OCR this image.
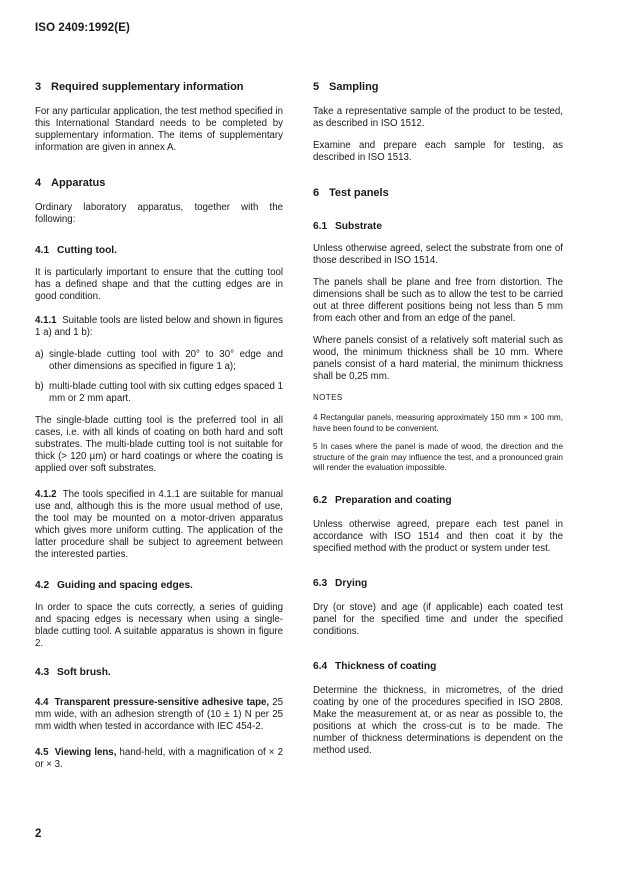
ISO 2409:1992(E)
3 Required supplementary information

For any particular application, the test method specified in this International Standard needs to be completed by supplementary information. The items of supplementary information are given in annex A.

4 Apparatus

Ordinary laboratory apparatus, together with the following:

4.1 Cutting tool.

It is particularly important to ensure that the cutting tool has a defined shape and that the cutting edges are in good condition.

4.1.1 Suitable tools are listed below and shown in figures 1 a) and 1 b):

a) single-blade cutting tool with 20° to 30° edge and other dimensions as specified in figure 1 a);
b) multi-blade cutting tool with six cutting edges spaced 1 mm or 2 mm apart.

The single-blade cutting tool is the preferred tool in all cases, i.e. with all kinds of coating on both hard and soft substrates. The multi-blade cutting tool is not suitable for thick (> 120 µm) or hard coatings or where the coating is applied over soft substrates.

4.1.2 The tools specified in 4.1.1 are suitable for manual use and, although this is the more usual method of use, the tool may be mounted on a motor-driven apparatus which gives more uniform cutting. The application of the latter procedure shall be subject to agreement between the interested parties.

4.2 Guiding and spacing edges.

In order to space the cuts correctly, a series of guiding and spacing edges is necessary when using a single-blade cutting tool. A suitable apparatus is shown in figure 2.

4.3 Soft brush.

4.4 Transparent pressure-sensitive adhesive tape, 25 mm wide, with an adhesion strength of (10 ± 1) N per 25 mm width when tested in accordance with IEC 454-2.

4.5 Viewing lens, hand-held, with a magnification of × 2 or × 3.

5 Sampling

Take a representative sample of the product to be tested, as described in ISO 1512.

Examine and prepare each sample for testing, as described in ISO 1513.

6 Test panels
6.1 Substrate

Unless otherwise agreed, select the substrate from one of those described in ISO 1514.

The panels shall be plane and free from distortion. The dimensions shall be such as to allow the test to be carried out at three different positions being not less than 5 mm from each other and from an edge of the panel.

Where panels consist of a relatively soft material such as wood, the minimum thickness shall be 10 mm. Where panels consist of a hard material, the minimum thickness shall be 0,25 mm.

NOTES
4 Rectangular panels, measuring approximately 150 mm × 100 mm, have been found to be convenient.
5 In cases where the panel is made of wood, the direction and the structure of the grain may influence the test, and a pronounced grain will render the evaluation impossible.
6.2 Preparation and coating

Unless otherwise agreed, prepare each test panel in accordance with ISO 1514 and then coat it by the specified method with the product or system under test.

6.3 Drying

Dry (or stove) and age (if applicable) each coated test panel for the specified time and under the specified conditions.

6.4 Thickness of coating

Determine the thickness, in micrometres, of the dried coating by one of the procedures specified in ISO 2808. Make the measurement at, or as near as possible to, the positions at which the cross-cut is to be made. The number of thickness determinations is dependent on the method used.

2
